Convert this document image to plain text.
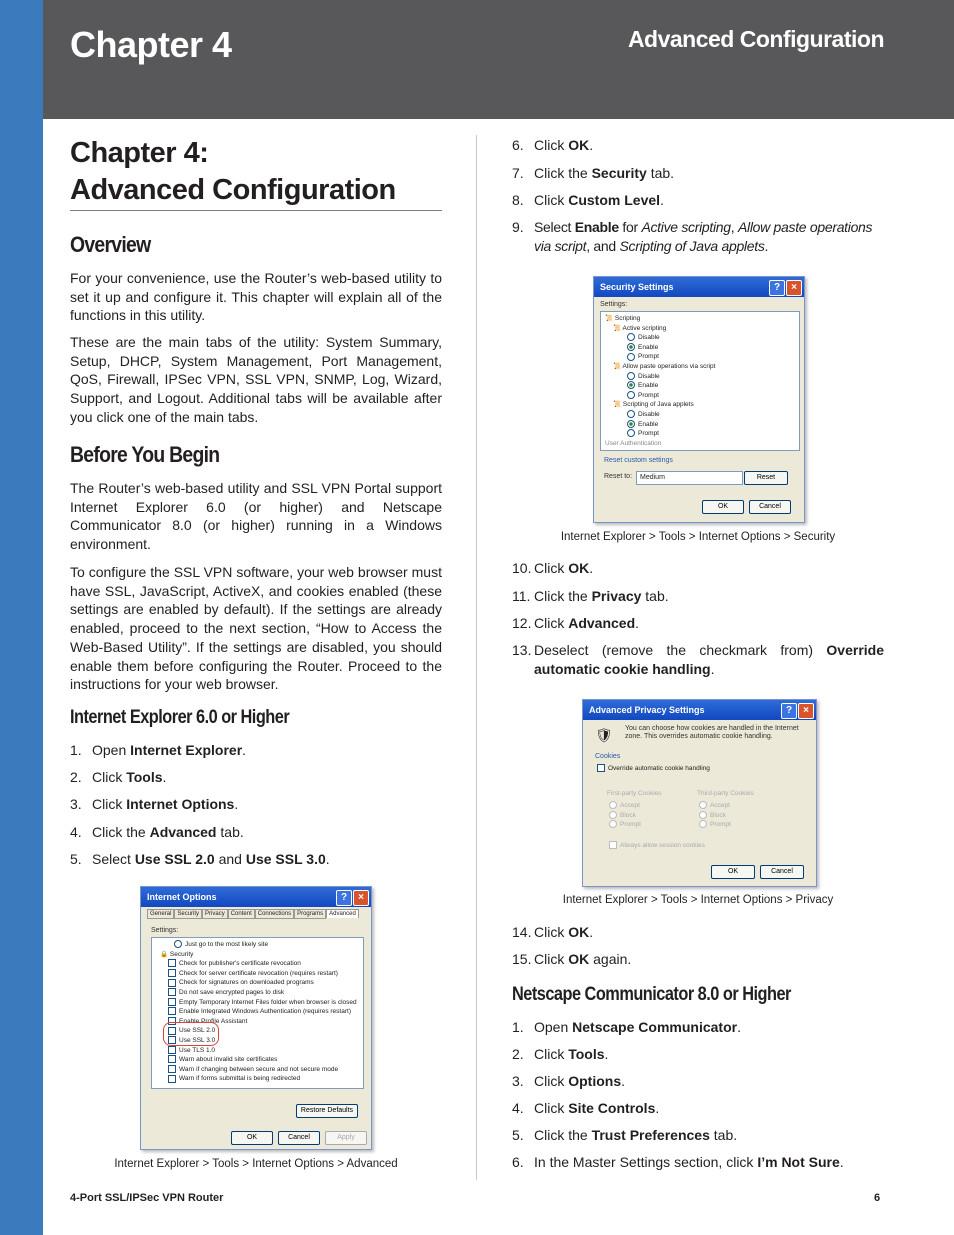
Chapter 4	Advanced Configuration
Chapter 4:
Advanced Configuration
Overview
For your convenience, use the Router’s web-based utility to set it up and configure it. This chapter will explain all of the functions in this utility.
These are the main tabs of the utility: System Summary, Setup, DHCP, System Management, Port Management, QoS, Firewall, IPSec VPN, SSL VPN, SNMP, Log, Wizard, Support, and Logout. Additional tabs will be available after you click one of the main tabs.
Before You Begin
The Router’s web-based utility and SSL VPN Portal support Internet Explorer 6.0 (or higher) and Netscape Communicator 8.0 (or higher) running in a Windows environment.
To configure the SSL VPN software, your web browser must have SSL, JavaScript, ActiveX, and cookies enabled (these settings are enabled by default). If the settings are already enabled, proceed to the next section, “How to Access the Web-Based Utility”. If the settings are disabled, you should enable them before configuring the Router. Proceed to the instructions for your web browser.
Internet Explorer 6.0 or Higher
1. Open Internet Explorer.
2. Click Tools.
3. Click Internet Options.
4. Click the Advanced tab.
5. Select Use SSL 2.0 and Use SSL 3.0.
Internet Options	?	×
General Security Privacy Content Connections Programs Advanced
Settings:
Just go to the most likely site
🔒 Security
Check for publisher's certificate revocation
Check for server certificate revocation (requires restart)
Check for signatures on downloaded programs
Do not save encrypted pages to disk
Empty Temporary Internet Files folder when browser is closed
Enable Integrated Windows Authentication (requires restart)
Enable Profile Assistant
Use SSL 2.0
Use SSL 3.0
Use TLS 1.0
Warn about invalid site certificates
Warn if changing between secure and not secure mode
Warn if forms submittal is being redirected
Restore Defaults
OK	Cancel	Apply
Internet Explorer > Tools > Internet Options > Advanced
6. Click OK.
7. Click the Security tab.
8. Click Custom Level.
9. Select Enable for Active scripting, Allow paste operations via script, and Scripting of Java applets.
Security Settings	?	×
Settings:
📜 Scripting
📜 Active scripting
Disable
Enable
Prompt
📜 Allow paste operations via script
Disable
Enable
Prompt
📜 Scripting of Java applets
Disable
Enable
Prompt
User Authentication
Reset custom settings
Reset to:	Medium	Reset
OK	Cancel
Internet Explorer > Tools > Internet Options > Security
10. Click OK.
11. Click the Privacy tab.
12. Click Advanced.
13. Deselect (remove the checkmark from) Override automatic cookie handling.
Advanced Privacy Settings	?	×
🛡 You can choose how cookies are handled in the Internet zone. This overrides automatic cookie handling.
Cookies
Override automatic cookie handling
First-party Cookies	Third-party Cookies
Accept
Block
Prompt
Accept
Block
Prompt
Always allow session cookies
OK	Cancel
Internet Explorer > Tools > Internet Options > Privacy
14. Click OK.
15. Click OK again.
Netscape Communicator 8.0 or Higher
1. Open Netscape Communicator.
2. Click Tools.
3. Click Options.
4. Click Site Controls.
5. Click the Trust Preferences tab.
6. In the Master Settings section, click I’m Not Sure.
4-Port SSL/IPSec VPN Router	6
